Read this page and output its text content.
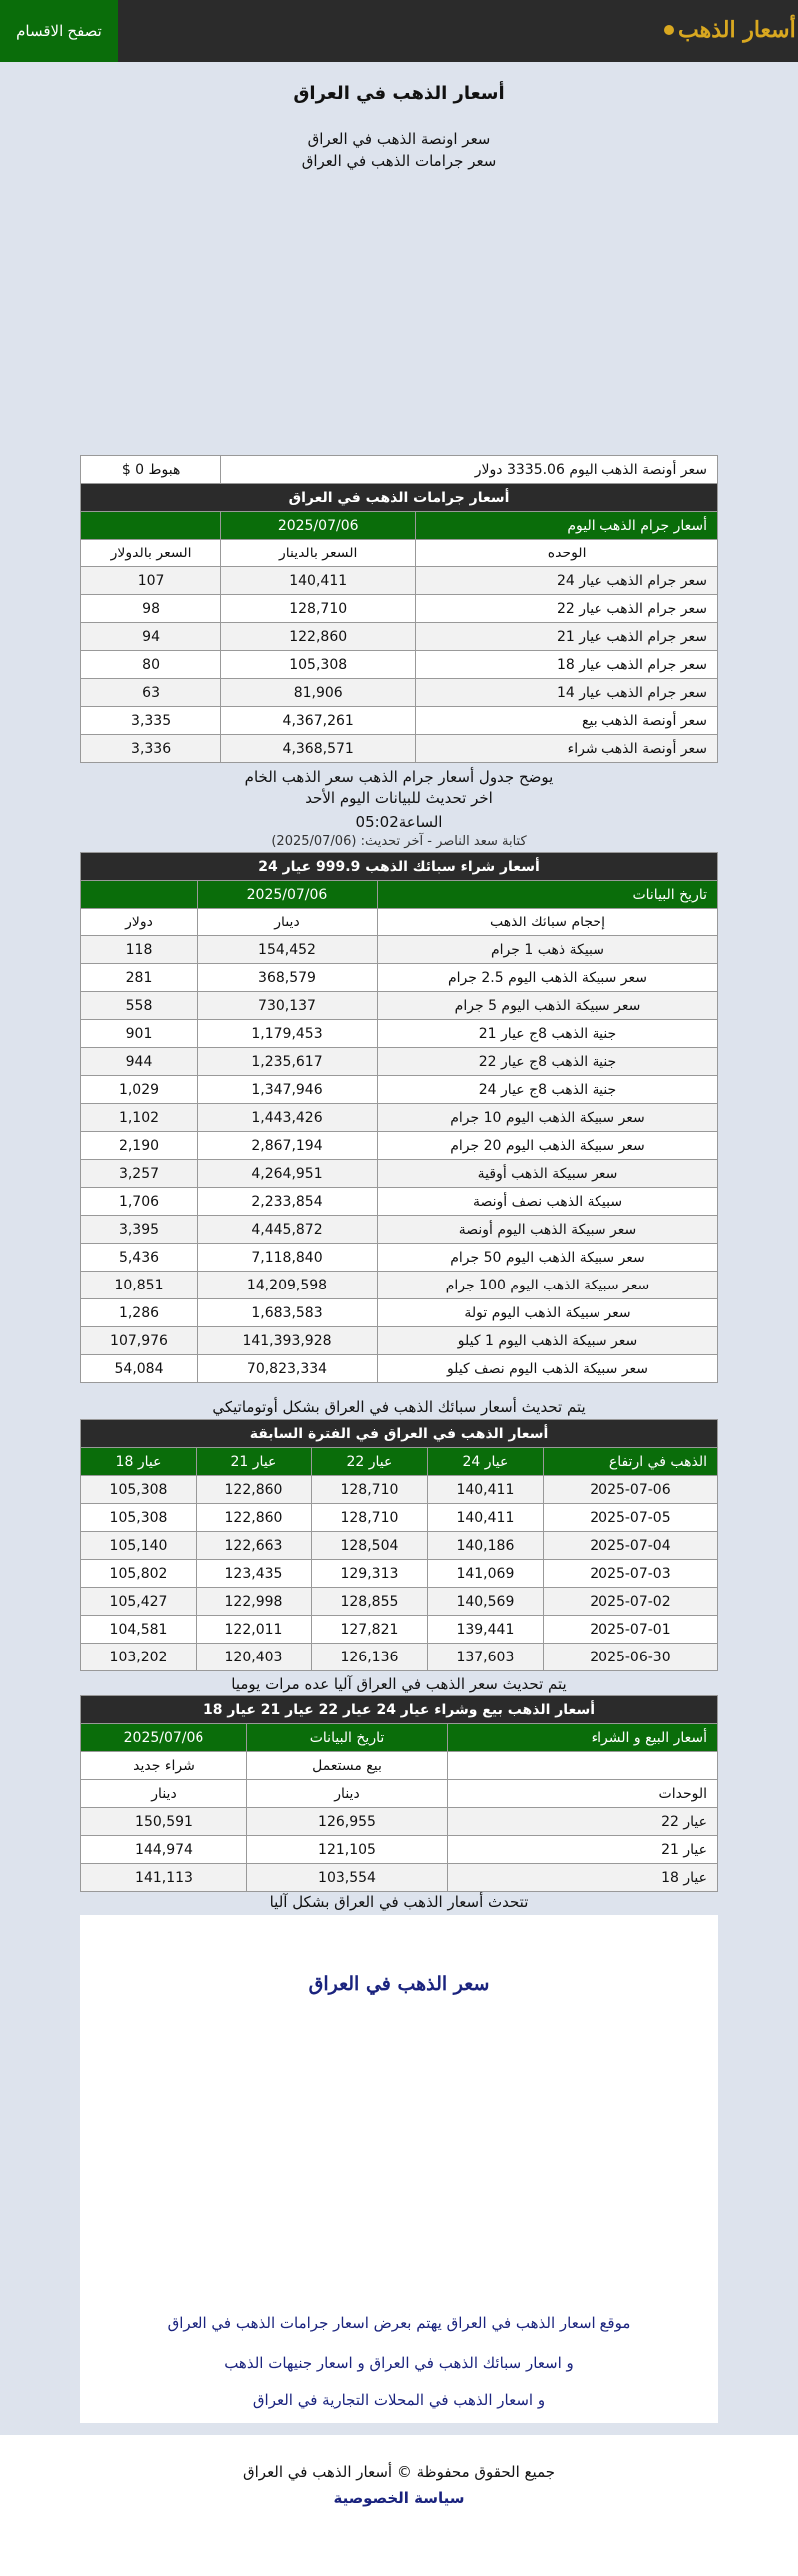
أسعار الذهب
تصفح الاقسام
أسعار الذهب في العراق
سعر اونصة الذهب في العراق
سعر جرامات الذهب في العراق
سعر أونصة الذهب اليوم 3335.06 دولار		هبوط 0 $
أسعار جرامات الذهب في العراق		
أسعار جرام الذهب اليوم	2025/07/06	
الوحده	السعر بالدينار	السعر بالدولار
سعر جرام الذهب عيار 24	140,411	107
سعر جرام الذهب عيار 22	128,710	98
سعر جرام الذهب عيار 21	122,860	94
سعر جرام الذهب عيار 18	105,308	80
سعر جرام الذهب عيار 14	81,906	63
سعر أونصة الذهب بيع	4,367,261	3,335
سعر أونصة الذهب شراء	4,368,571	3,336
يوضح جدول أسعار جرام الذهب سعر الذهب الخام
اخر تحديث للبيانات اليوم الأحد
الساعة05:02
كتابة سعد الناصر - آخر تحديث: (2025/07/06)
أسعار شراء سبائك الذهب 999.9 عيار 24		
تاريخ البيانات	2025/07/06	
إحجام سبائك الذهب	دينار	دولار
سبيكة ذهب 1 جرام	154,452	118
سعر سبيكة الذهب اليوم 2.5 جرام	368,579	281
سعر سبيكة الذهب اليوم 5 جرام	730,137	558
جنية الذهب 8ج عيار 21	1,179,453	901
جنية الذهب 8ج عيار 22	1,235,617	944
جنية الذهب 8ج عيار 24	1,347,946	1,029
سعر سبيكة الذهب اليوم 10 جرام	1,443,426	1,102
سعر سبيكة الذهب اليوم 20 جرام	2,867,194	2,190
سعر سبيكة الذهب أوقية	4,264,951	3,257
سبيكة الذهب نصف أونصة	2,233,854	1,706
سعر سبيكة الذهب اليوم أونصة	4,445,872	3,395
سعر سبيكة الذهب اليوم 50 جرام	7,118,840	5,436
سعر سبيكة الذهب اليوم 100 جرام	14,209,598	10,851
سعر سبيكة الذهب اليوم تولة	1,683,583	1,286
سعر سبيكة الذهب اليوم 1 كيلو	141,393,928	107,976
سعر سبيكة الذهب اليوم نصف كيلو	70,823,334	54,084
يتم تحديث أسعار سبائك الذهب في العراق بشكل أوتوماتيكي
أسعار الذهب في العراق في الفترة السابقة				
الذهب في ارتفاع	عيار 24	عيار 22	عيار 21	عيار 18
2025-07-06	140,411	128,710	122,860	105,308
2025-07-05	140,411	128,710	122,860	105,308
2025-07-04	140,186	128,504	122,663	105,140
2025-07-03	141,069	129,313	123,435	105,802
2025-07-02	140,569	128,855	122,998	105,427
2025-07-01	139,441	127,821	122,011	104,581
2025-06-30	137,603	126,136	120,403	103,202
يتم تحديث سعر الذهب في العراق آليا عده مرات يوميا
أسعار الذهب بيع وشراء عيار 24 عيار 22 عيار 21 عيار 18		
أسعار البيع و الشراء	تاريخ البيانات	2025/07/06
	بيع مستعمل	شراء جديد
الوحدات	دينار	دينار
عيار 22	126,955	150,591
عيار 21	121,105	144,974
عيار 18	103,554	141,113
تتحدث أسعار الذهب في العراق بشكل آليا
سعر الذهب في العراق
موقع اسعار الذهب في العراق يهتم بعرض اسعار جرامات الذهب في العراق
و اسعار سبائك الذهب في العراق و اسعار جنيهات الذهب
و اسعار الذهب في المحلات التجارية في العراق
جميع الحقوق محفوظة © أسعار الذهب في العراق
سياسة الخصوصية
